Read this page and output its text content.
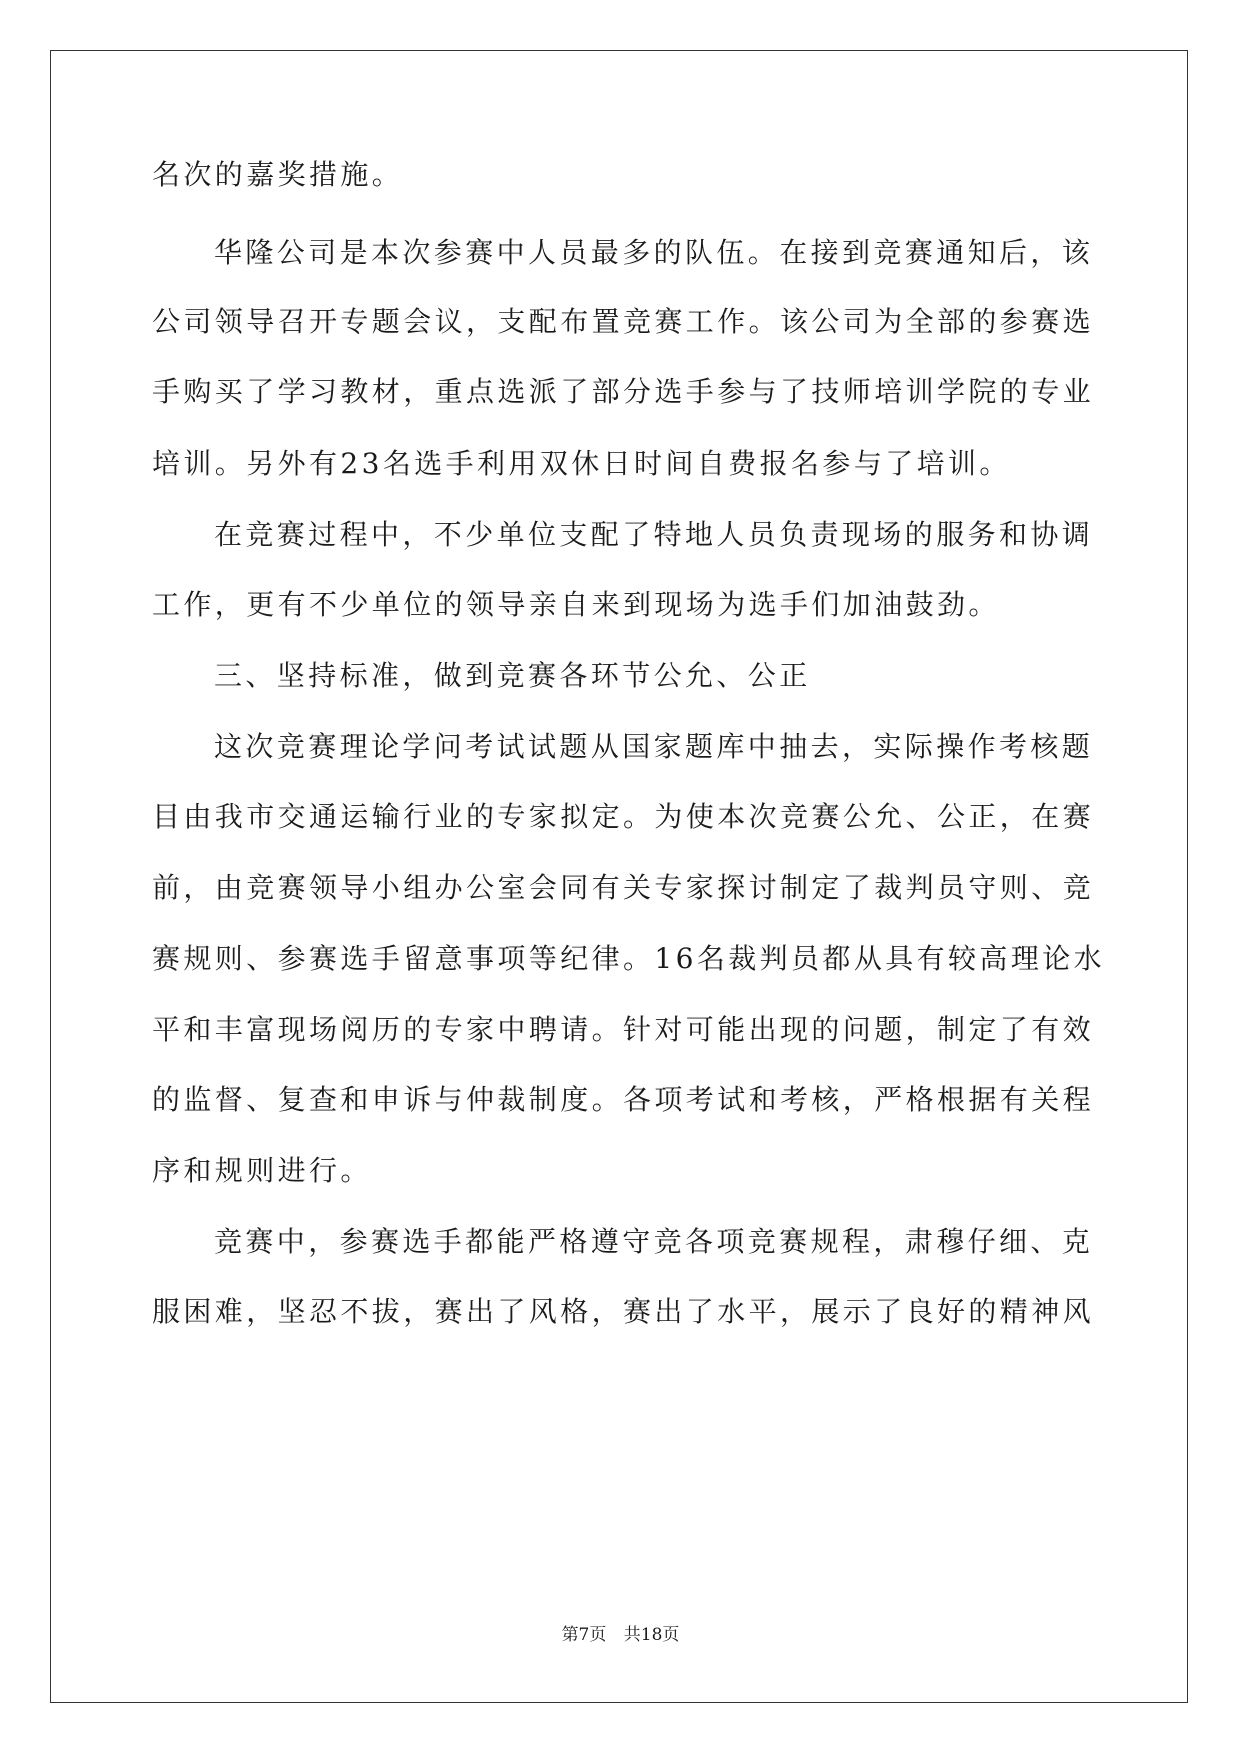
名次的嘉奖措施。
华隆公司是本次参赛中人员最多的队伍。在接到竞赛通知后，该
公司领导召开专题会议，支配布置竞赛工作。该公司为全部的参赛选
手购买了学习教材，重点选派了部分选手参与了技师培训学院的专业
培训。另外有23名选手利用双休日时间自费报名参与了培训。
在竞赛过程中，不少单位支配了特地人员负责现场的服务和协调
工作，更有不少单位的领导亲自来到现场为选手们加油鼓劲。
三、坚持标准，做到竞赛各环节公允、公正
这次竞赛理论学问考试试题从国家题库中抽去，实际操作考核题
目由我市交通运输行业的专家拟定。为使本次竞赛公允、公正，在赛
前，由竞赛领导小组办公室会同有关专家探讨制定了裁判员守则、竞
赛规则、参赛选手留意事项等纪律。16名裁判员都从具有较高理论水
平和丰富现场阅历的专家中聘请。针对可能出现的问题，制定了有效
的监督、复查和申诉与仲裁制度。各项考试和考核，严格根据有关程
序和规则进行。
竞赛中，参赛选手都能严格遵守竞各项竞赛规程，肃穆仔细、克
服困难，坚忍不拔，赛出了风格，赛出了水平，展示了良好的精神风
第7页 共18页
